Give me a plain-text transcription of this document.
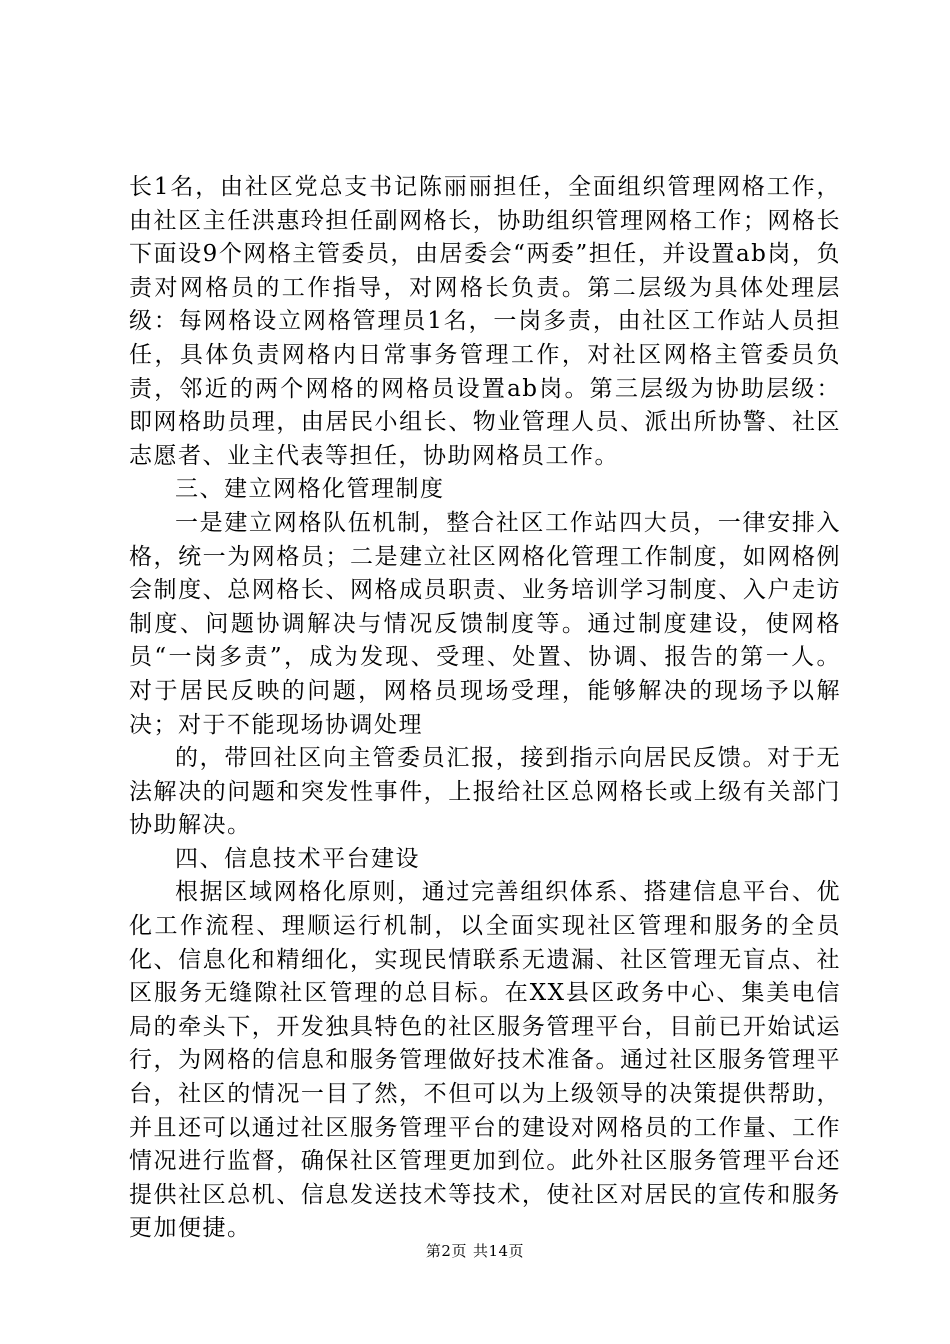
长1名，由社区党总支书记陈丽丽担任，全面组织管理网格工作，由社区主任洪惠玲担任副网格长，协助组织管理网格工作；网格长下面设9个网格主管委员，由居委会“两委”担任，并设置ab岗，负责对网格员的工作指导，对网格长负责。第二层级为具体处理层级：每网格设立网格管理员1名，一岗多责，由社区工作站人员担任，具体负责网格内日常事务管理工作，对社区网格主管委员负责，邻近的两个网格的网格员设置ab岗。第三层级为协助层级：即网格助员理，由居民小组长、物业管理人员、派出所协警、社区志愿者、业主代表等担任，协助网格员工作。

三、建立网格化管理制度

一是建立网格队伍机制，整合社区工作站四大员，一律安排入格，统一为网格员；二是建立社区网格化管理工作制度，如网格例会制度、总网格长、网格成员职责、业务培训学习制度、入户走访制度、问题协调解决与情况反馈制度等。通过制度建设，使网格员“一岗多责”，成为发现、受理、处置、协调、报告的第一人。对于居民反映的问题，网格员现场受理，能够解决的现场予以解决；对于不能现场协调处理

的，带回社区向主管委员汇报，接到指示向居民反馈。对于无法解决的问题和突发性事件，上报给社区总网格长或上级有关部门协助解决。

四、信息技术平台建设

根据区域网格化原则，通过完善组织体系、搭建信息平台、优化工作流程、理顺运行机制，以全面实现社区管理和服务的全员化、信息化和精细化，实现民情联系无遗漏、社区管理无盲点、社区服务无缝隙社区管理的总目标。在XX县区政务中心、集美电信局的牵头下，开发独具特色的社区服务管理平台，目前已开始试运行，为网格的信息和服务管理做好技术准备。通过社区服务管理平台，社区的情况一目了然，不但可以为上级领导的决策提供帮助，并且还可以通过社区服务管理平台的建设对网格员的工作量、工作情况进行监督，确保社区管理更加到位。此外社区服务管理平台还提供社区总机、信息发送技术等技术，使社区对居民的宣传和服务更加便捷。

第2页 共14页
